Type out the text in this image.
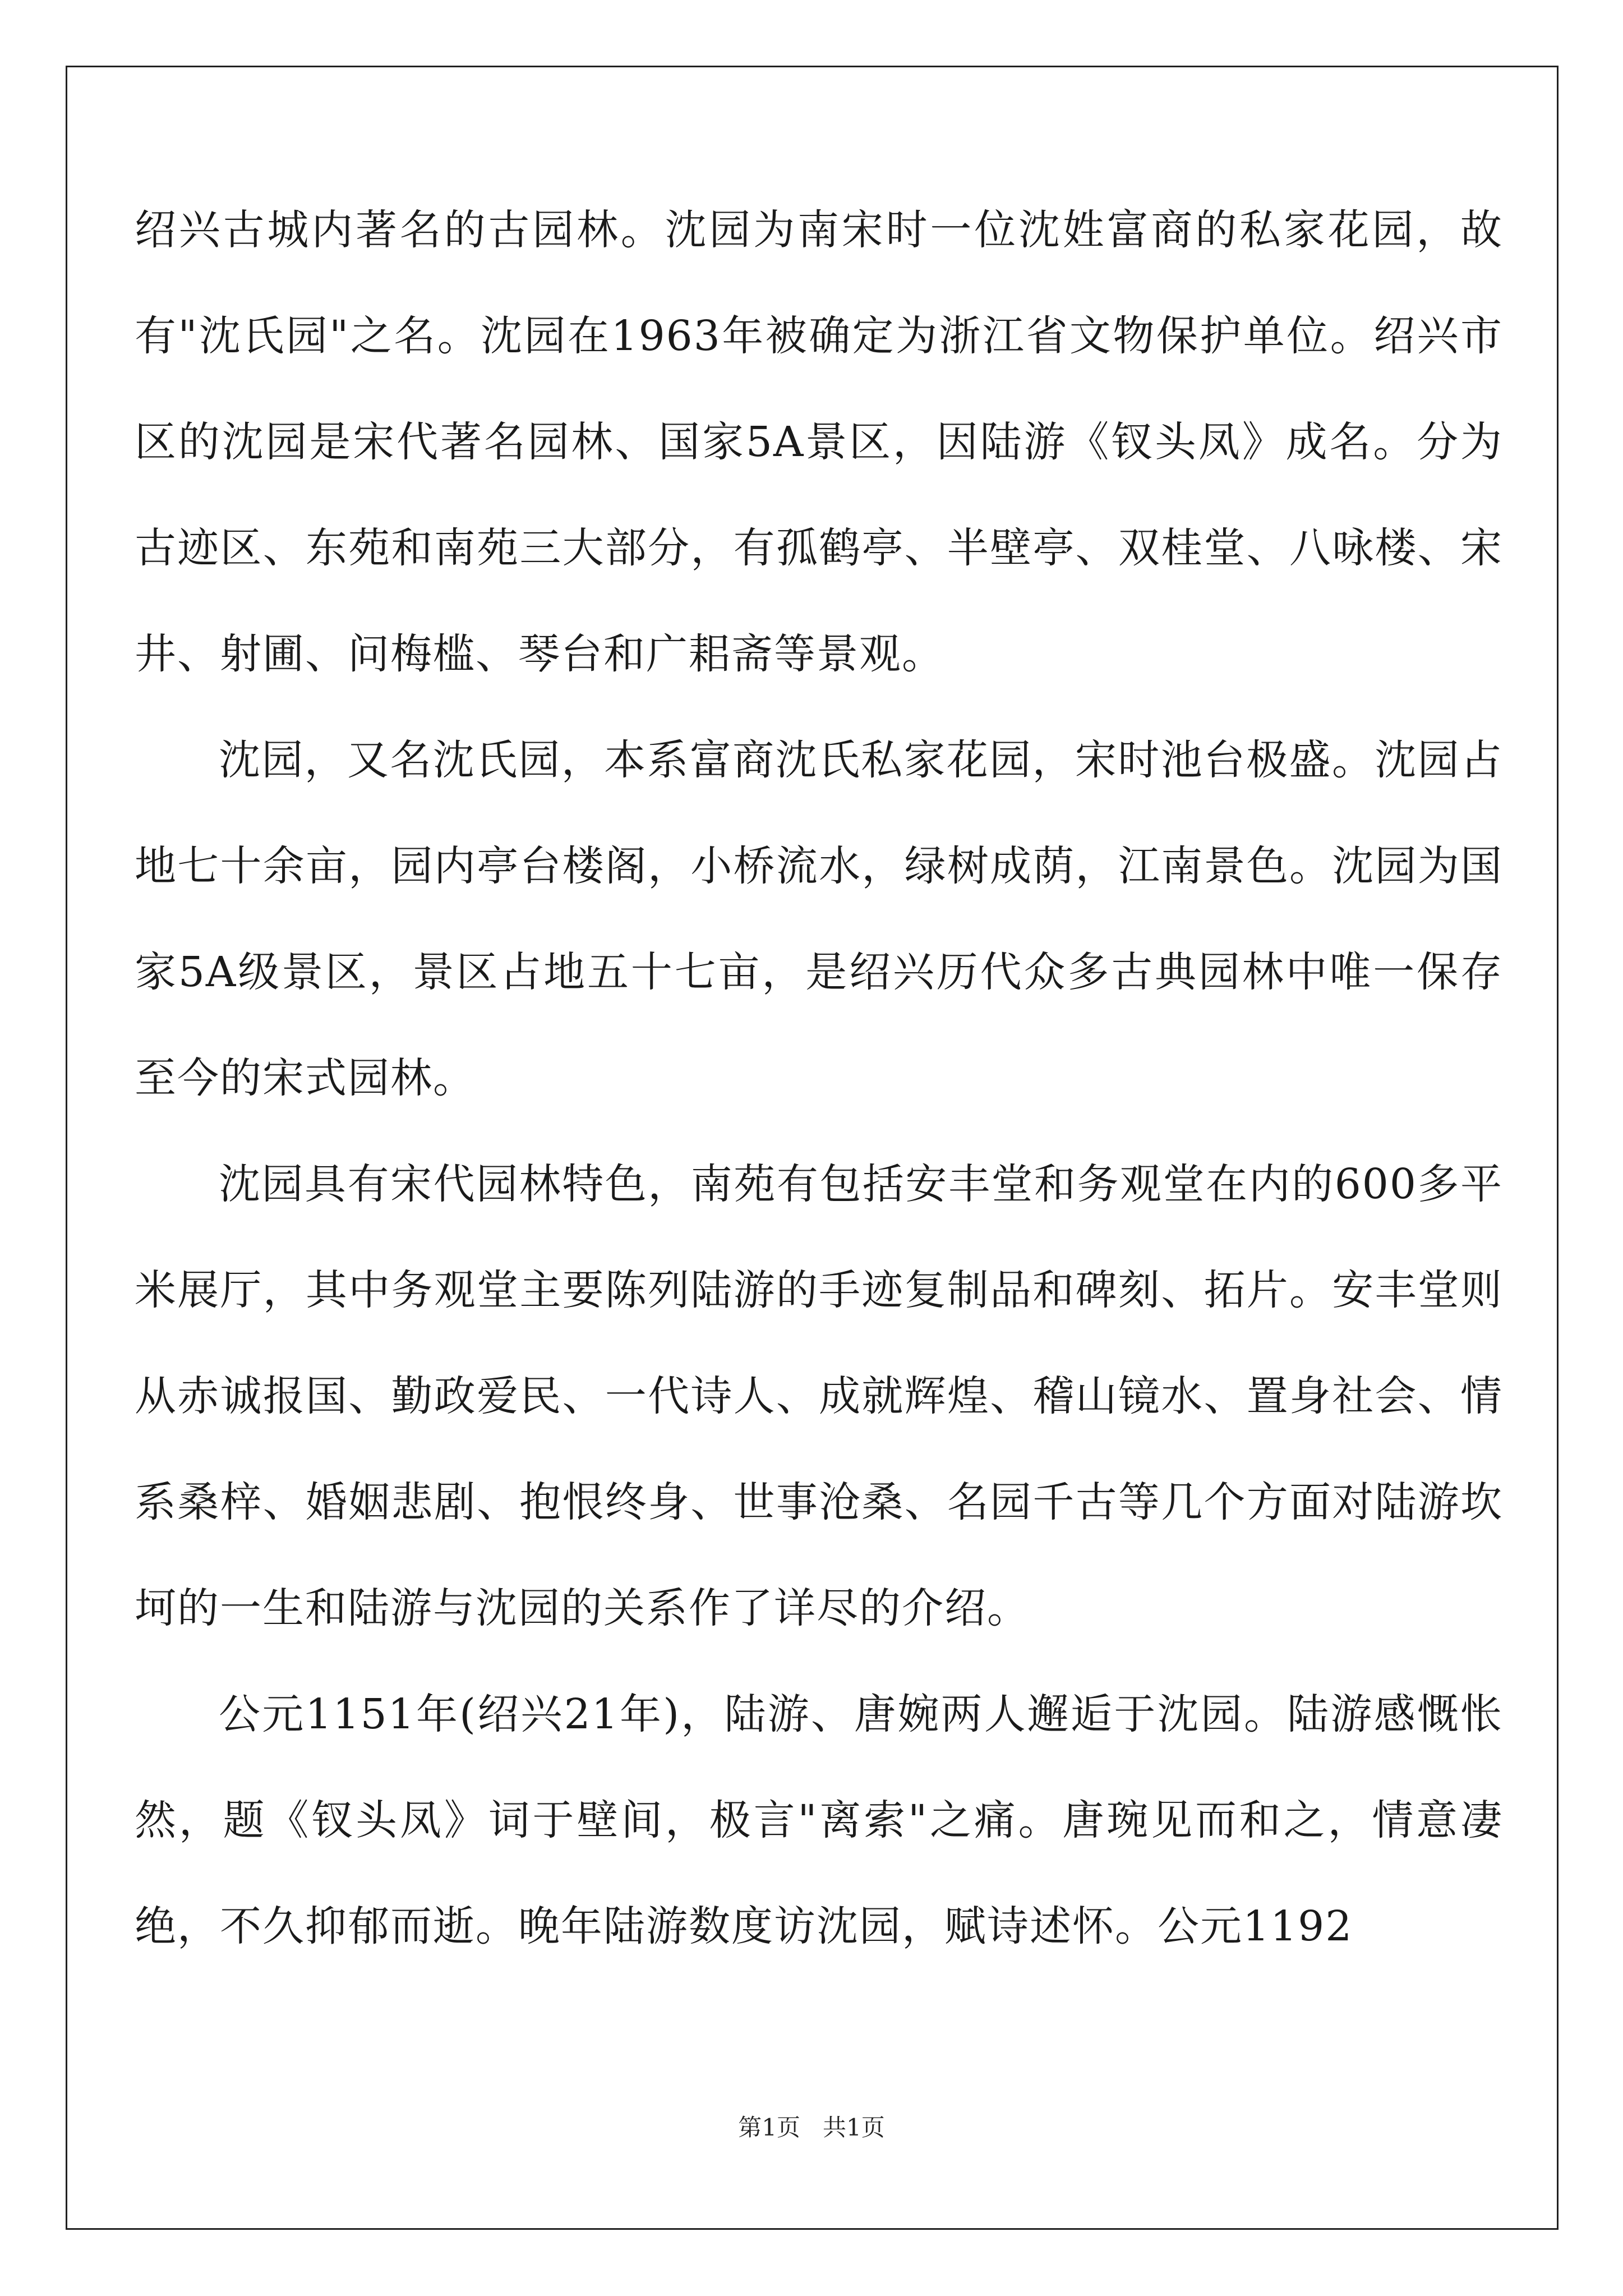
绍兴古城内著名的古园林。沈园为南宋时一位沈姓富商的私家花园，故有"沈氏园"之名。沈园在1963年被确定为浙江省文物保护单位。绍兴市区的沈园是宋代著名园林、国家5A景区，因陆游《钗头凤》成名。分为古迹区、东苑和南苑三大部分，有孤鹤亭、半壁亭、双桂堂、八咏楼、宋井、射圃、问梅槛、琴台和广耜斋等景观。

沈园，又名沈氏园，本系富商沈氏私家花园，宋时池台极盛。沈园占地七十余亩，园内亭台楼阁，小桥流水，绿树成荫，江南景色。沈园为国家5A级景区，景区占地五十七亩，是绍兴历代众多古典园林中唯一保存至今的宋式园林。

沈园具有宋代园林特色，南苑有包括安丰堂和务观堂在内的600多平米展厅，其中务观堂主要陈列陆游的手迹复制品和碑刻、拓片。安丰堂则从赤诚报国、勤政爱民、一代诗人、成就辉煌、稽山镜水、置身社会、情系桑梓、婚姻悲剧、抱恨终身、世事沧桑、名园千古等几个方面对陆游坎坷的一生和陆游与沈园的关系作了详尽的介绍。

公元1151年(绍兴21年)，陆游、唐婉两人邂逅于沈园。陆游感慨怅然，题《钗头凤》词于壁间，极言"离索"之痛。唐琬见而和之，情意凄绝，不久抑郁而逝。晚年陆游数度访沈园，赋诗述怀。公元1192

第1页 共1页
